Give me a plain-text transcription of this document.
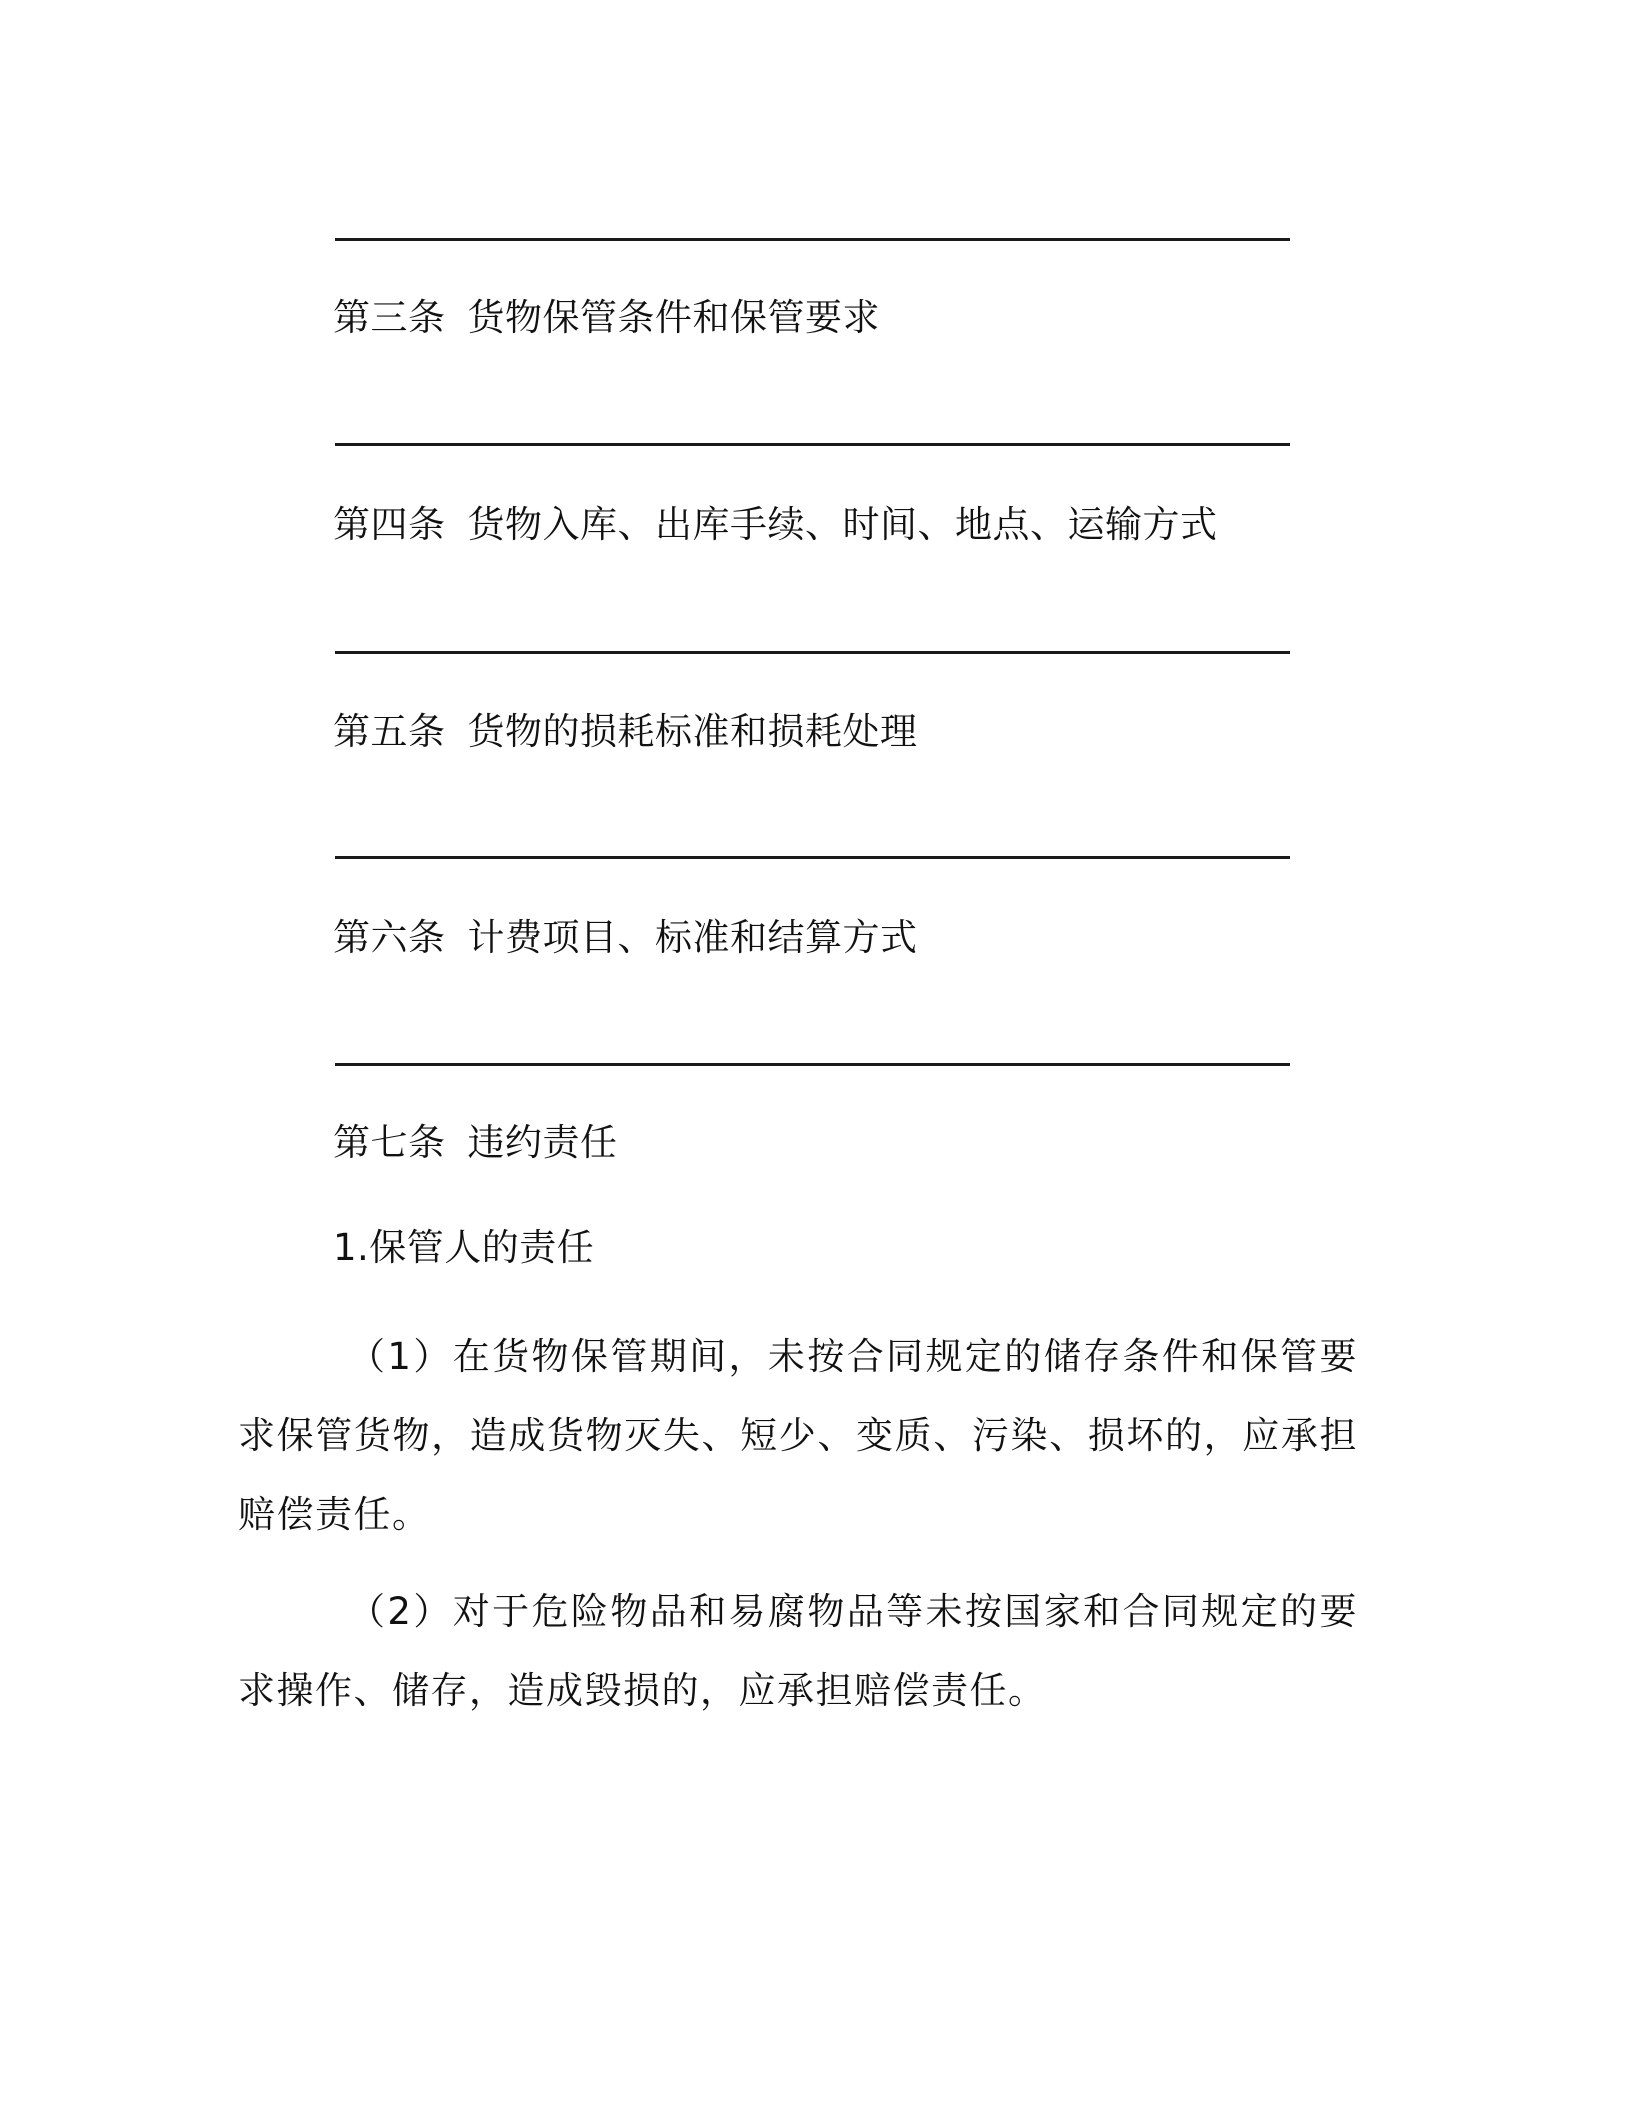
第三条 货物保管条件和保管要求
第四条 货物入库、出库手续、时间、地点、运输方式
第五条 货物的损耗标准和损耗处理
第六条 计费项目、标准和结算方式
第七条 违约责任
1.保管人的责任
（1）在货物保管期间，未按合同规定的储存条件和保管要求保管货物，造成货物灭失、短少、变质、污染、损坏的，应承担赔偿责任。
（2）对于危险物品和易腐物品等未按国家和合同规定的要求操作、储存，造成毁损的，应承担赔偿责任。
